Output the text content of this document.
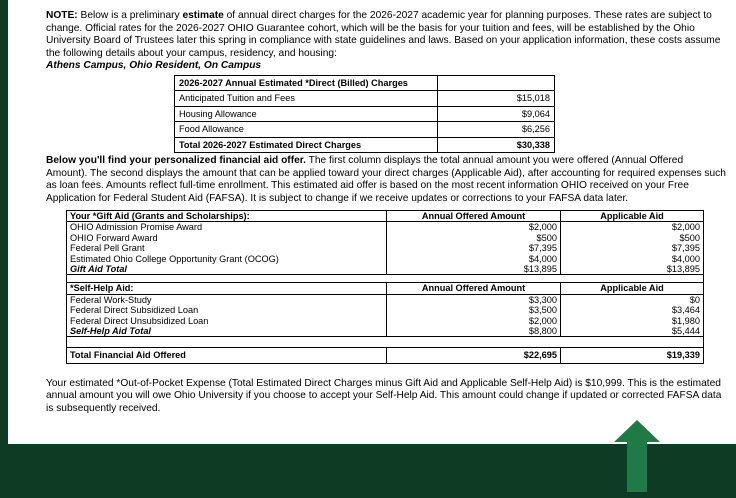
NOTE: Below is a preliminary estimate of annual direct charges for the 2026-2027 academic year for planning purposes. These rates are subject to change. Official rates for the 2026-2027 OHIO Guarantee cohort, which will be the basis for your tuition and fees, will be established by the Ohio University Board of Trustees later this spring in compliance with state guidelines and laws. Based on your application information, these costs assume the following details about your campus, residency, and housing:
Athens Campus, Ohio Resident, On Campus

2026-2027 Annual Estimated *Direct (Billed) Charges	
Anticipated Tuition and Fees	$15,018
Housing Allowance	$9,064
Food Allowance	$6,256
Total 2026-2027 Estimated Direct Charges	$30,338

Below you'll find your personalized financial aid offer. The first column displays the total annual amount you were offered (Annual Offered Amount). The second displays the amount that can be applied toward your direct charges (Applicable Aid), after accounting for required expenses such as loan fees. Amounts reflect full-time enrollment. This estimated aid offer is based on the most recent information OHIO received on your Free Application for Federal Student Aid (FAFSA). It is subject to change if we receive updates or corrections to your FAFSA data later.

Your *Gift Aid (Grants and Scholarships):	Annual Offered Amount	Applicable Aid
OHIO Admission Promise Award	$2,000	$2,000
OHIO Forward Award	$500	$500
Federal Pell Grant	$7,395	$7,395
Estimated Ohio College Opportunity Grant (OCOG)	$4,000	$4,000
Gift Aid Total	$13,895	$13,895

*Self-Help Aid:	Annual Offered Amount	Applicable Aid
Federal Work-Study	$3,300	$0
Federal Direct Subsidized Loan	$3,500	$3,464
Federal Direct Unsubsidized Loan	$2,000	$1,980
Self-Help Aid Total	$8,800	$5,444

Total Financial Aid Offered	$22,695	$19,339

Your estimated *Out-of-Pocket Expense (Total Estimated Direct Charges minus Gift Aid and Applicable Self-Help Aid) is $10,999. This is the estimated annual amount you will owe Ohio University if you choose to accept your Self-Help Aid. This amount could change if updated or corrected FAFSA data is subsequently received.
